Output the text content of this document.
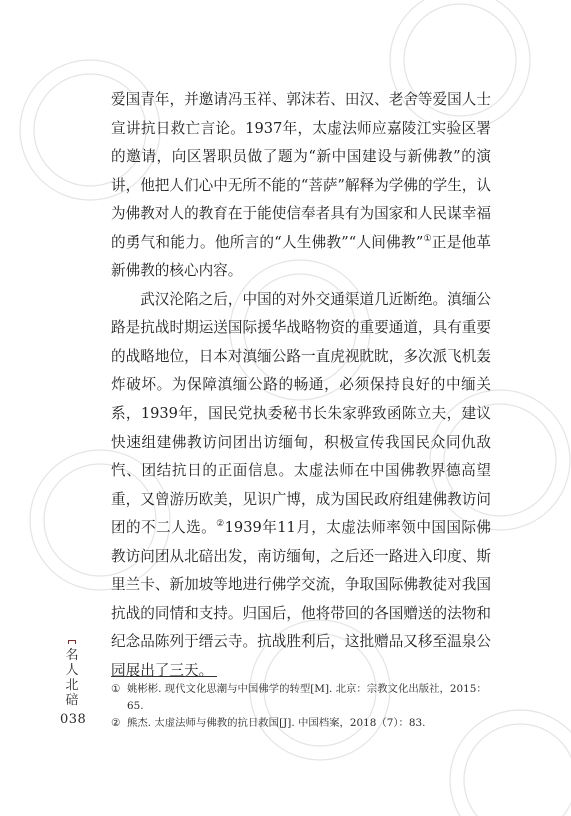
爱国青年，并邀请冯玉祥、郭沫若、田汉、老舍等爱国人士宣讲抗日救亡言论。1937年，太虚法师应嘉陵江实验区署的邀请，向区署职员做了题为“新中国建设与新佛教”的演讲，他把人们心中无所不能的“菩萨”解释为学佛的学生，认为佛教对人的教育在于能使信奉者具有为国家和人民谋幸福的勇气和能力。他所言的“人生佛教”“人间佛教”①正是他革新佛教的核心内容。

武汉沦陷之后，中国的对外交通渠道几近断绝。滇缅公路是抗战时期运送国际援华战略物资的重要通道，具有重要的战略地位，日本对滇缅公路一直虎视眈眈，多次派飞机轰炸破坏。为保障滇缅公路的畅通，必须保持良好的中缅关系，1939年，国民党执委秘书长朱家骅致函陈立夫，建议快速组建佛教访问团出访缅甸，积极宣传我国民众同仇敌忾、团结抗日的正面信息。太虚法师在中国佛教界德高望重，又曾游历欧美，见识广博，成为国民政府组建佛教访问团的不二人选。②1939年11月，太虚法师率领中国国际佛教访问团从北碚出发，南访缅甸，之后还一路进入印度、斯里兰卡、新加坡等地进行佛学交流，争取国际佛教徒对我国抗战的同情和支持。归国后，他将带回的各国赠送的法物和纪念品陈列于缙云寺。抗战胜利后，这批赠品又移至温泉公园展出了三天。

① 姚彬彬. 现代文化思潮与中国佛学的转型[M]. 北京：宗教文化出版社，2015：65.

② 熊杰. 太虚法师与佛教的抗日救国[J]. 中国档案，2018（7）：83.

名
人
北
碚
038
